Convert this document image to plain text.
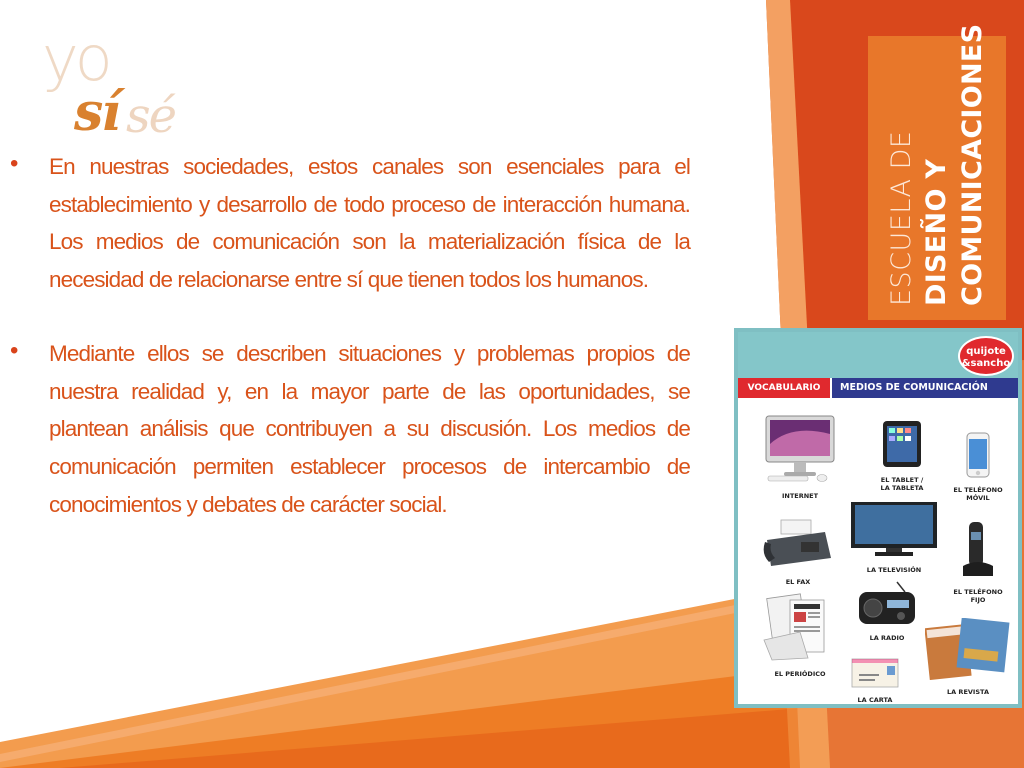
yo
sí sé
• En nuestras sociedades, estos canales son esenciales para el establecimiento y desarrollo de todo proceso de interacción humana. Los medios de comunicación son la materialización física de la necesidad de relacionarse entre sí que tienen todos los humanos.
• Mediante ellos se describen situaciones y problemas propios de nuestra realidad y, en la mayor parte de las oportunidades, se plantean análisis que contribuyen a su discusión. Los medios de comunicación permiten establecer procesos de intercambio de conocimientos y debates de carácter social.
ESCUELA DE DISEÑO Y COMUNICACIONES
quijote
&sancho
VOCABULARIO	MEDIOS DE COMUNICACIÓN
INTERNET
EL TABLET /
LA TABLETA	EL TELÉFONO
MÓVIL
EL FAX
LA TELEVISIÓN
EL TELÉFONO
FIJO
LA RADIO
EL PERIÓDICO
LA CARTA
LA REVISTA
